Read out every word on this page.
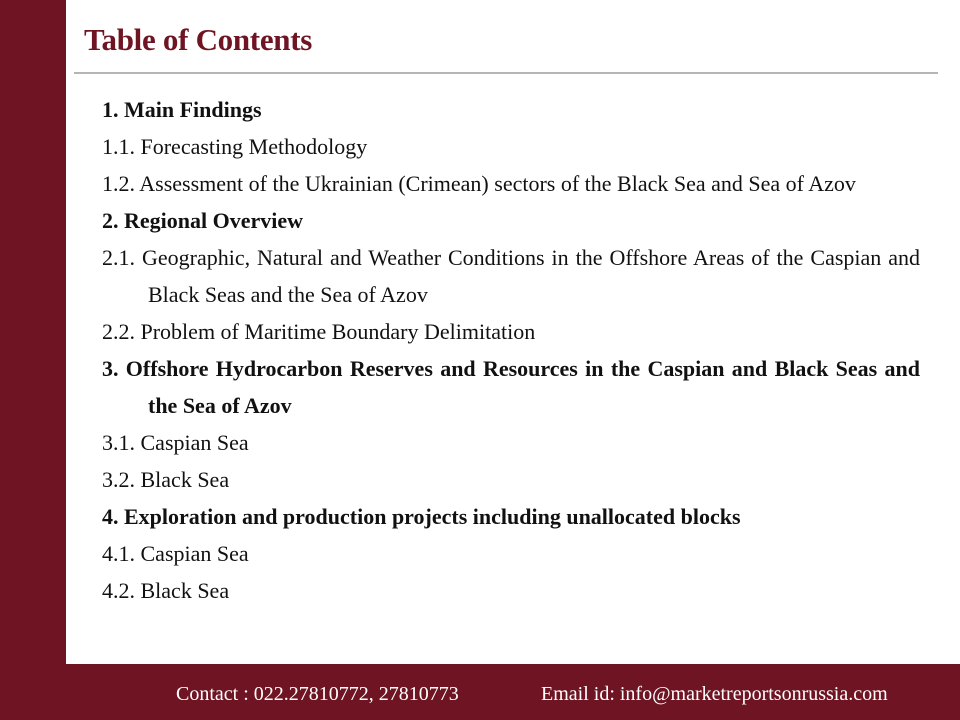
Table of Contents
1. Main Findings
1.1. Forecasting Methodology
1.2. Assessment of the Ukrainian (Crimean) sectors of the Black Sea and Sea of Azov
2. Regional Overview
2.1. Geographic, Natural and Weather Conditions in the Offshore Areas of the Caspian and Black Seas and the Sea of Azov
2.2. Problem of Maritime Boundary Delimitation
3. Offshore Hydrocarbon Reserves and Resources in the Caspian and Black Seas and the Sea of Azov
3.1. Caspian Sea
3.2. Black Sea
4. Exploration and production projects including unallocated blocks
4.1. Caspian Sea
4.2. Black Sea
Contact : 022.27810772, 27810773	Email id: info@marketreportsonrussia.com
